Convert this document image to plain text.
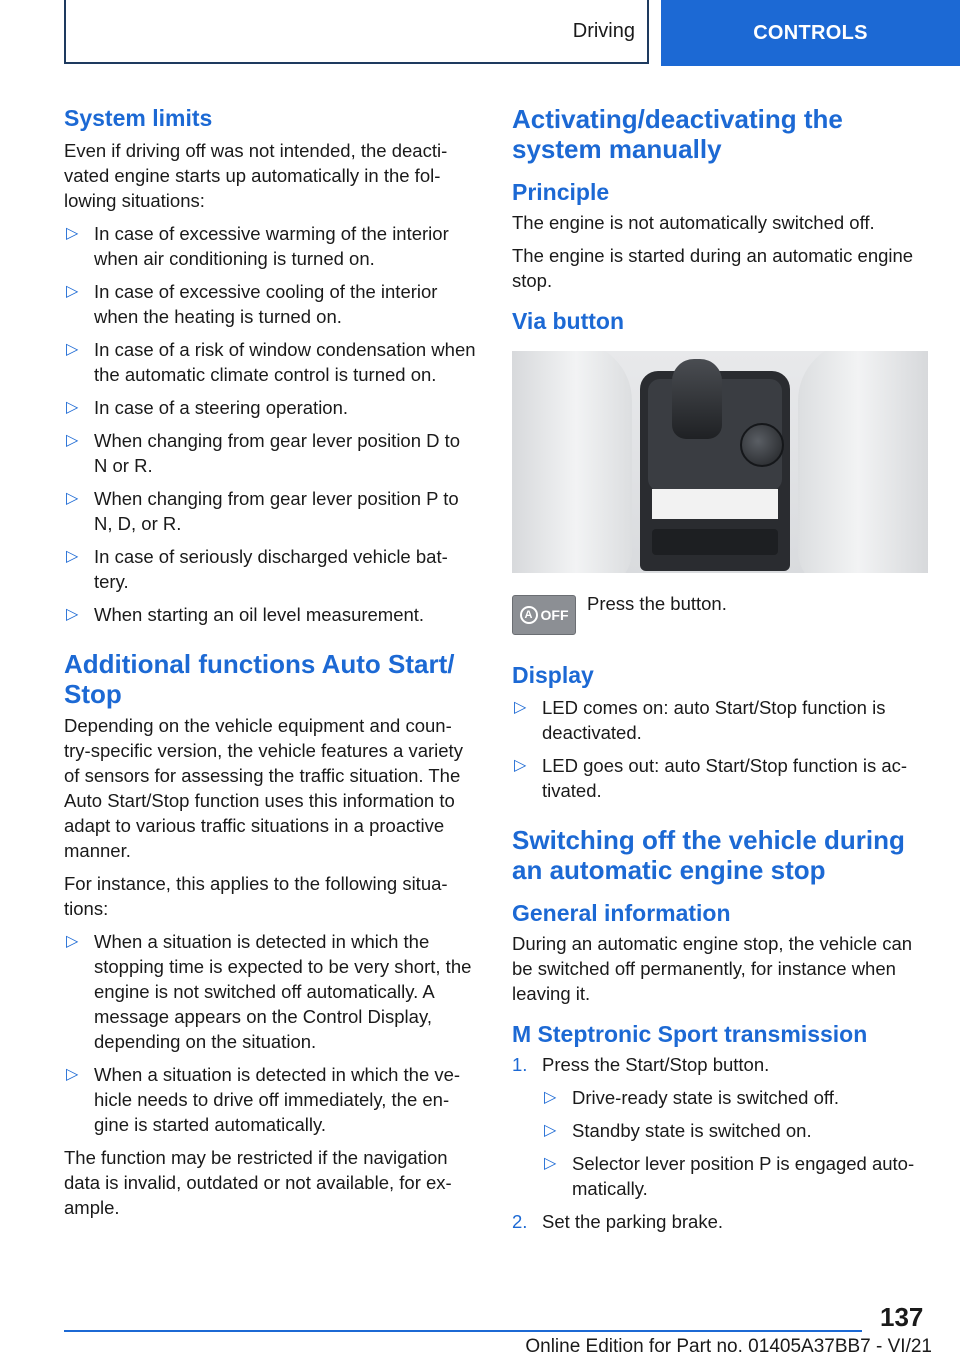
Driving	CONTROLS
System limits
Even if driving off was not intended, the deacti-
vated engine starts up automatically in the fol-
lowing situations:
▷ In case of excessive warming of the interior when air conditioning is turned on.
▷ In case of excessive cooling of the interior when the heating is turned on.
▷ In case of a risk of window condensation when the automatic climate control is turned on.
▷ In case of a steering operation.
▷ When changing from gear lever position D to N or R.
▷ When changing from gear lever position P to N, D, or R.
▷ In case of seriously discharged vehicle bat-tery.
▷ When starting an oil level measurement.
Additional functions Auto Start/
Stop
Depending on the vehicle equipment and coun-try-specific version, the vehicle features a variety of sensors for assessing the traffic situation. The Auto Start/Stop function uses this information to adapt to various traffic situations in a proactive manner.
For instance, this applies to the following situa-tions:
▷ When a situation is detected in which the stopping time is expected to be very short, the engine is not switched off automatically. A message appears on the Control Display, depending on the situation.
▷ When a situation is detected in which the ve-hicle needs to drive off immediately, the en-gine is started automatically.
The function may be restricted if the navigation data is invalid, outdated or not available, for ex-ample.
Activating/deactivating the
system manually
Principle
The engine is not automatically switched off.
The engine is started during an automatic engine stop.
Via button
A OFF
Press the button.
Display
▷ LED comes on: auto Start/Stop function is deactivated.
▷ LED goes out: auto Start/Stop function is ac-tivated.
Switching off the vehicle during
an automatic engine stop
General information
During an automatic engine stop, the vehicle can be switched off permanently, for instance when leaving it.
M Steptronic Sport transmission
1. Press the Start/Stop button.
▷ Drive-ready state is switched off.
▷ Standby state is switched on.
▷ Selector lever position P is engaged auto-matically.
2. Set the parking brake.
137
Online Edition for Part no. 01405A37BB7 - VI/21
